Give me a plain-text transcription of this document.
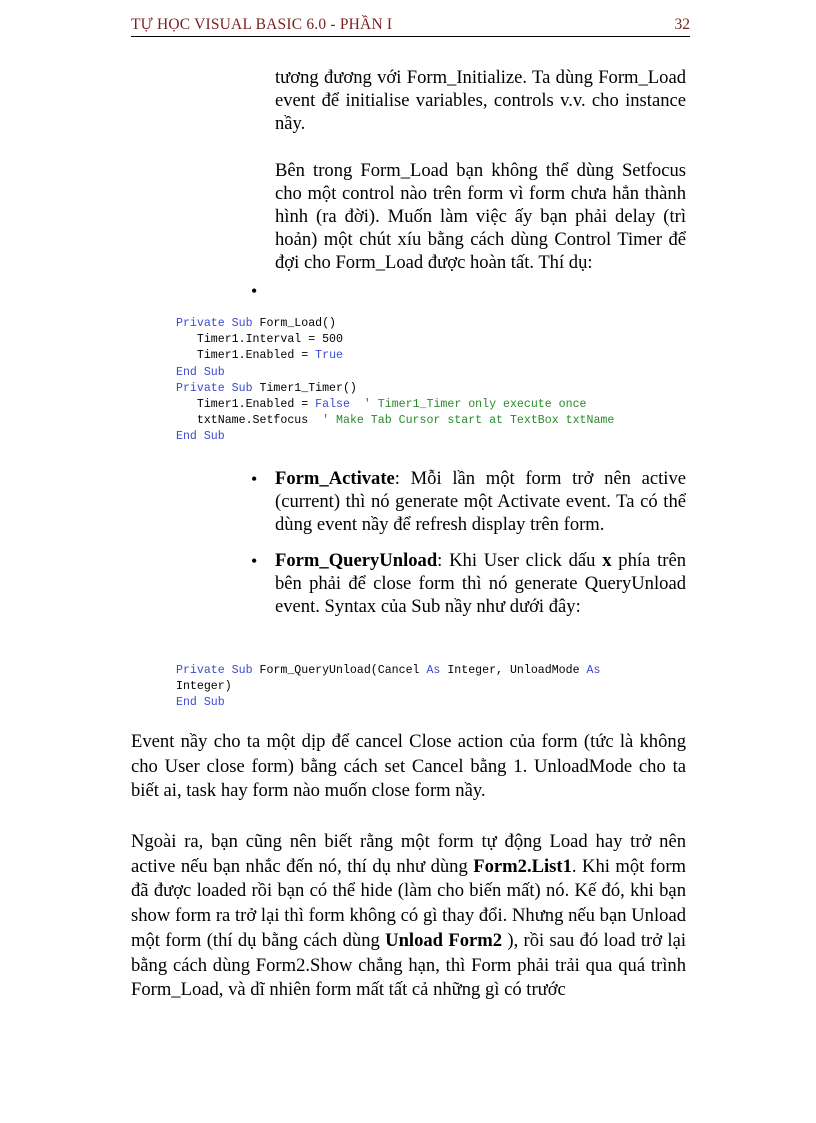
TỰ HỌC VISUAL BASIC 6.0 - PHẦN I	32

tương đương với Form_Initialize. Ta dùng Form_Load event để initialise variables, controls v.v. cho instance nầy.

Bên trong Form_Load bạn không thể dùng Setfocus cho một control nào trên form vì form chưa hẳn thành hình (ra đời). Muốn làm việc ấy bạn phải delay (trì hoản) một chút xíu bằng cách dùng Control Timer để đợi cho Form_Load được hoàn tất. Thí dụ:

•
Private Sub Form_Load()
Timer1.Interval = 500
Timer1.Enabled = True
End Sub
Private Sub Timer1_Timer()
Timer1.Enabled = False  ' Timer1_Timer only execute once
txtName.Setfocus  ' Make Tab Cursor start at TextBox txtName
End Sub
• Form_Activate: Mỗi lần một form trở nên active (current) thì nó generate một Activate event. Ta có thể dùng event nầy để refresh display trên form.

• Form_QueryUnload: Khi User click dấu x phía trên bên phải để close form thì nó generate QueryUnload event. Syntax của Sub nầy như dưới đây:

Private Sub Form_QueryUnload(Cancel As Integer, UnloadMode As
Integer)
End Sub

Event nầy cho ta một dịp để cancel Close action của form (tức là không cho User close form) bằng cách set Cancel bằng 1. UnloadMode cho ta biết ai, task hay form nào muốn close form nầy.

Ngoài ra, bạn cũng nên biết rằng một form tự động Load hay trở nên active nếu bạn nhắc đến nó, thí dụ như dùng Form2.List1. Khi một form đã được loaded rồi bạn có thể hide (làm cho biến mất) nó. Kế đó, khi bạn show form ra trở lại thì form không có gì thay đổi. Nhưng nếu bạn Unload một form (thí dụ bằng cách dùng Unload Form2 ), rồi sau đó load trở lại bằng cách dùng Form2.Show chẳng hạn, thì Form phải trải qua quá trình Form_Load, và dĩ nhiên form mất tất cả những gì có trước
